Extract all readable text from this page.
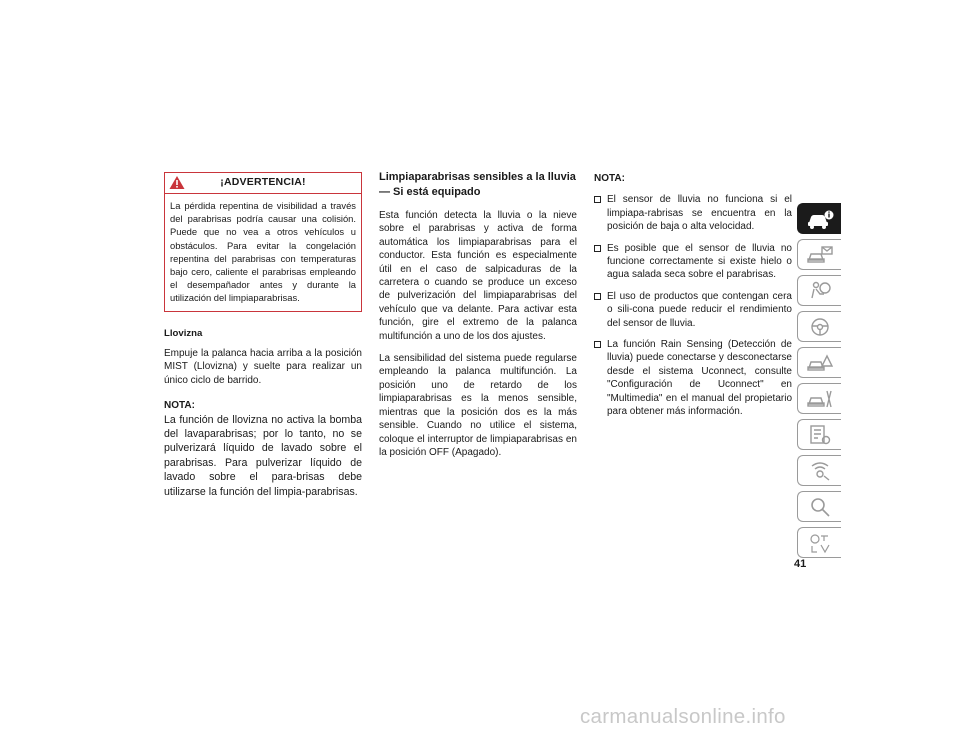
¡ADVERTENCIA!
La pérdida repentina de visibilidad a través del parabrisas podría causar una colisión. Puede que no vea a otros vehículos u obstáculos. Para evitar la congelación repentina del parabrisas con temperaturas bajo cero, caliente el parabrisas empleando el desempañador antes y durante la utilización del limpiaparabrisas.
Llovizna
Empuje la palanca hacia arriba a la posición MIST (Llovizna) y suelte para realizar un único ciclo de barrido.
NOTA:
La función de llovizna no activa la bomba del lavaparabrisas; por lo tanto, no se pulverizará líquido de lavado sobre el parabrisas. Para pulverizar líquido de lavado sobre el para-brisas debe utilizarse la función del limpia-parabrisas.
Limpiaparabrisas sensibles a la lluvia — Si está equipado
Esta función detecta la lluvia o la nieve sobre el parabrisas y activa de forma automática los limpiaparabrisas para el conductor. Esta función es especialmente útil en el caso de salpicaduras de la carretera o cuando se produce un exceso de pulverización del limpiaparabrisas del vehículo que va delante. Para activar esta función, gire el extremo de la palanca multifunción a uno de los dos ajustes.
La sensibilidad del sistema puede regularse empleando la palanca multifunción. La posición uno de retardo de los limpiaparabrisas es la menos sensible, mientras que la posición dos es la más sensible. Cuando no utilice el sistema, coloque el interruptor de limpiaparabrisas en la posición OFF (Apagado).
NOTA:
El sensor de lluvia no funciona si el limpiapa-rabrisas se encuentra en la posición de baja o alta velocidad.
Es posible que el sensor de lluvia no funcione correctamente si existe hielo o agua salada seca sobre el parabrisas.
El uso de productos que contengan cera o sili-cona puede reducir el rendimiento del sensor de lluvia.
La función Rain Sensing (Detección de lluvia) puede conectarse y desconectarse desde el sistema Uconnect, consulte "Configuración de Uconnect" en "Multimedia" en el manual del propietario para obtener más información.
41
carmanualsonline.info
